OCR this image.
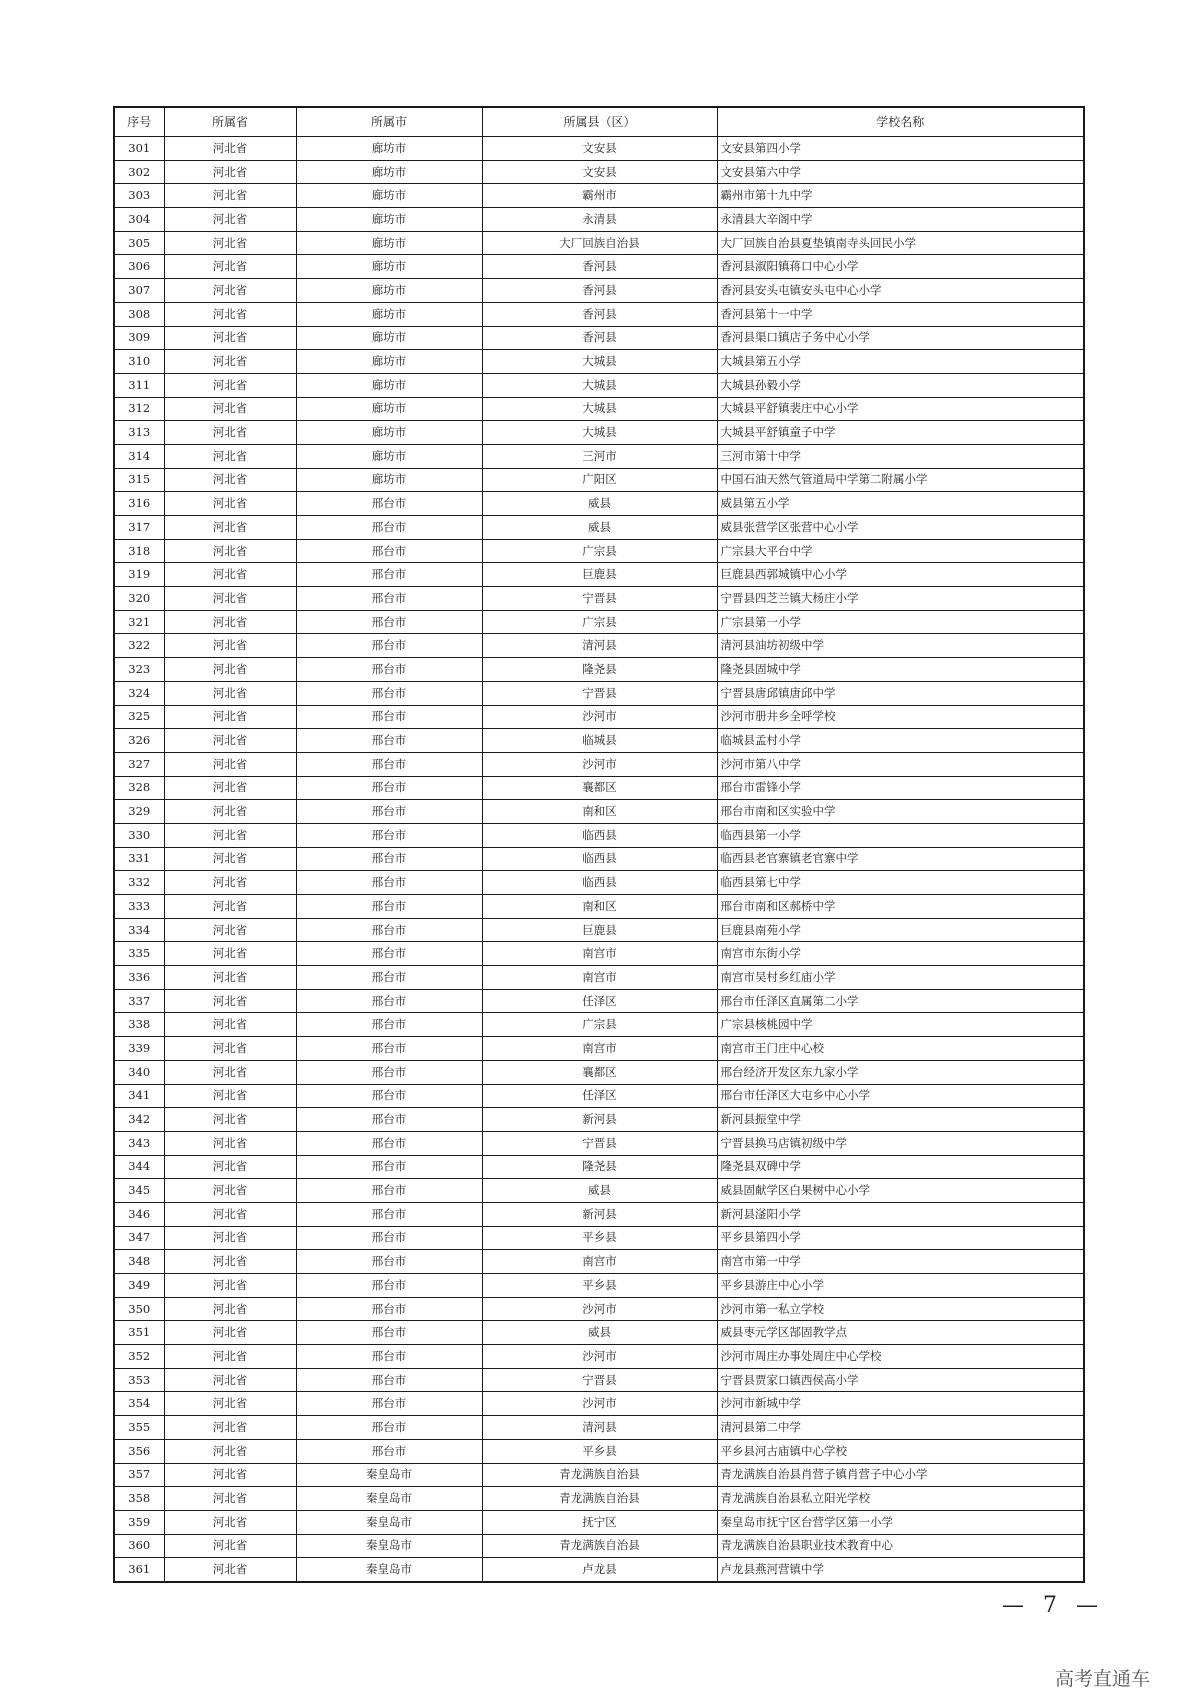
序号	所属省	所属市	所属县（区）	学校名称
301	河北省	廊坊市	文安县	文安县第四小学
302	河北省	廊坊市	文安县	文安县第六中学
303	河北省	廊坊市	霸州市	霸州市第十九中学
304	河北省	廊坊市	永清县	永清县大辛阁中学
305	河北省	廊坊市	大厂回族自治县	大厂回族自治县夏垫镇南寺头回民小学
306	河北省	廊坊市	香河县	香河县淑阳镇蒋口中心小学
307	河北省	廊坊市	香河县	香河县安头屯镇安头屯中心小学
308	河北省	廊坊市	香河县	香河县第十一中学
309	河北省	廊坊市	香河县	香河县渠口镇店子务中心小学
310	河北省	廊坊市	大城县	大城县第五小学
311	河北省	廊坊市	大城县	大城县孙毅小学
312	河北省	廊坊市	大城县	大城县平舒镇裴庄中心小学
313	河北省	廊坊市	大城县	大城县平舒镇童子中学
314	河北省	廊坊市	三河市	三河市第十中学
315	河北省	廊坊市	广阳区	中国石油天然气管道局中学第二附属小学
316	河北省	邢台市	威县	威县第五小学
317	河北省	邢台市	威县	威县张营学区张营中心小学
318	河北省	邢台市	广宗县	广宗县大平台中学
319	河北省	邢台市	巨鹿县	巨鹿县西郭城镇中心小学
320	河北省	邢台市	宁晋县	宁晋县四芝兰镇大杨庄小学
321	河北省	邢台市	广宗县	广宗县第一小学
322	河北省	邢台市	清河县	清河县油坊初级中学
323	河北省	邢台市	隆尧县	隆尧县固城中学
324	河北省	邢台市	宁晋县	宁晋县唐邱镇唐邱中学
325	河北省	邢台市	沙河市	沙河市册井乡全呼学校
326	河北省	邢台市	临城县	临城县孟村小学
327	河北省	邢台市	沙河市	沙河市第八中学
328	河北省	邢台市	襄都区	邢台市雷锋小学
329	河北省	邢台市	南和区	邢台市南和区实验中学
330	河北省	邢台市	临西县	临西县第一小学
331	河北省	邢台市	临西县	临西县老官寨镇老官寨中学
332	河北省	邢台市	临西县	临西县第七中学
333	河北省	邢台市	南和区	邢台市南和区郝桥中学
334	河北省	邢台市	巨鹿县	巨鹿县南苑小学
335	河北省	邢台市	南宫市	南宫市东街小学
336	河北省	邢台市	南宫市	南宫市吴村乡红庙小学
337	河北省	邢台市	任泽区	邢台市任泽区直属第二小学
338	河北省	邢台市	广宗县	广宗县核桃园中学
339	河北省	邢台市	南宫市	南宫市王门庄中心校
340	河北省	邢台市	襄都区	邢台经济开发区东九家小学
341	河北省	邢台市	任泽区	邢台市任泽区大屯乡中心小学
342	河北省	邢台市	新河县	新河县振堂中学
343	河北省	邢台市	宁晋县	宁晋县换马店镇初级中学
344	河北省	邢台市	隆尧县	隆尧县双碑中学
345	河北省	邢台市	威县	威县固献学区白果树中心小学
346	河北省	邢台市	新河县	新河县滏阳小学
347	河北省	邢台市	平乡县	平乡县第四小学
348	河北省	邢台市	南宫市	南宫市第一中学
349	河北省	邢台市	平乡县	平乡县游庄中心小学
350	河北省	邢台市	沙河市	沙河市第一私立学校
351	河北省	邢台市	威县	威县枣元学区郜固教学点
352	河北省	邢台市	沙河市	沙河市周庄办事处周庄中心学校
353	河北省	邢台市	宁晋县	宁晋县贾家口镇西侯高小学
354	河北省	邢台市	沙河市	沙河市新城中学
355	河北省	邢台市	清河县	清河县第二中学
356	河北省	邢台市	平乡县	平乡县河古庙镇中心学校
357	河北省	秦皇岛市	青龙满族自治县	青龙满族自治县肖营子镇肖营子中心小学
358	河北省	秦皇岛市	青龙满族自治县	青龙满族自治县私立阳光学校
359	河北省	秦皇岛市	抚宁区	秦皇岛市抚宁区台营学区第一小学
360	河北省	秦皇岛市	青龙满族自治县	青龙满族自治县职业技术教育中心
361	河北省	秦皇岛市	卢龙县	卢龙县燕河营镇中学
— 7 —
高考直通车
